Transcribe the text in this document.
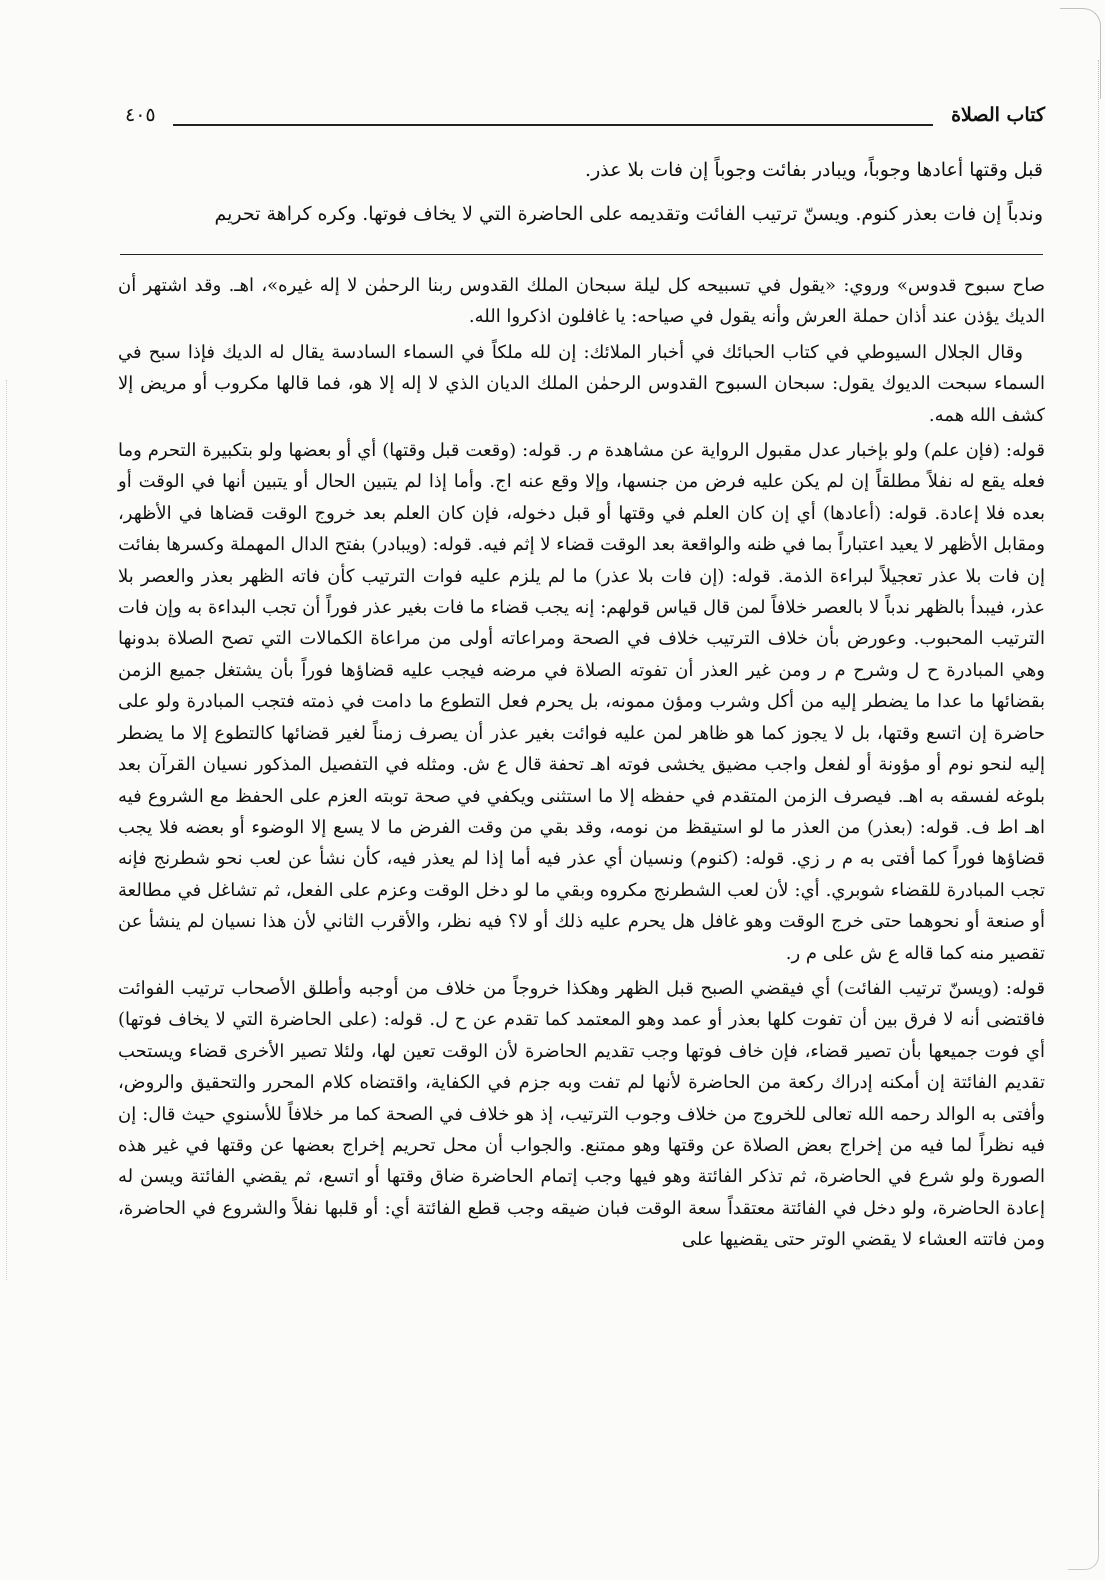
كتاب الصلاة
٤٠٥

قبل وقتها أعادها وجوباً، ويبادر بفائت وجوباً إن فات بلا عذر.

وندباً إن فات بعذر كنوم. ويسنّ ترتيب الفائت وتقديمه على الحاضرة التي لا يخاف فوتها. وكره كراهة تحريم

صاح سبوح قدوس» وروي: «يقول في تسبيحه كل ليلة سبحان الملك القدوس ربنا الرحمٰن لا إله غيره»، اهـ. وقد اشتهر أن الديك يؤذن عند أذان حملة العرش وأنه يقول في صياحه: يا غافلون اذكروا الله.

وقال الجلال السيوطي في كتاب الحبائك في أخبار الملائك: إن لله ملكاً في السماء السادسة يقال له الديك فإذا سبح في السماء سبحت الديوك يقول: سبحان السبوح القدوس الرحمٰن الملك الديان الذي لا إله إلا هو، فما قالها مكروب أو مريض إلا كشف الله همه.

قوله: (فإن علم) ولو بإخبار عدل مقبول الرواية عن مشاهدة م ر. قوله: (وقعت قبل وقتها) أي أو بعضها ولو بتكبيرة التحرم وما فعله يقع له نفلاً مطلقاً إن لم يكن عليه فرض من جنسها، وإلا وقع عنه اج. وأما إذا لم يتبين الحال أو يتبين أنها في الوقت أو بعده فلا إعادة. قوله: (أعادها) أي إن كان العلم في وقتها أو قبل دخوله، فإن كان العلم بعد خروج الوقت قضاها في الأظهر، ومقابل الأظهر لا يعيد اعتباراً بما في ظنه والواقعة بعد الوقت قضاء لا إثم فيه. قوله: (ويبادر) بفتح الدال المهملة وكسرها بفائت إن فات بلا عذر تعجيلاً لبراءة الذمة. قوله: (إن فات بلا عذر) ما لم يلزم عليه فوات الترتيب كأن فاته الظهر بعذر والعصر بلا عذر، فيبدأ بالظهر ندباً لا بالعصر خلافاً لمن قال قياس قولهم: إنه يجب قضاء ما فات بغير عذر فوراً أن تجب البداءة به وإن فات الترتيب المحبوب. وعورض بأن خلاف الترتيب خلاف في الصحة ومراعاته أولى من مراعاة الكمالات التي تصح الصلاة بدونها وهي المبادرة ح ل وشرح م ر ومن غير العذر أن تفوته الصلاة في مرضه فيجب عليه قضاؤها فوراً بأن يشتغل جميع الزمن بقضائها ما عدا ما يضطر إليه من أكل وشرب ومؤن ممونه، بل يحرم فعل التطوع ما دامت في ذمته فتجب المبادرة ولو على حاضرة إن اتسع وقتها، بل لا يجوز كما هو ظاهر لمن عليه فوائت بغير عذر أن يصرف زمناً لغير قضائها كالتطوع إلا ما يضطر إليه لنحو نوم أو مؤونة أو لفعل واجب مضيق يخشى فوته اهـ تحفة قال ع ش. ومثله في التفصيل المذكور نسيان القرآن بعد بلوغه لفسقه به اهـ. فيصرف الزمن المتقدم في حفظه إلا ما استثنى ويكفي في صحة توبته العزم على الحفظ مع الشروع فيه اهـ اط ف. قوله: (بعذر) من العذر ما لو استيقظ من نومه، وقد بقي من وقت الفرض ما لا يسع إلا الوضوء أو بعضه فلا يجب قضاؤها فوراً كما أفتى به م ر زي. قوله: (كنوم) ونسيان أي عذر فيه أما إذا لم يعذر فيه، كأن نشأ عن لعب نحو شطرنج فإنه تجب المبادرة للقضاء شوبري. أي: لأن لعب الشطرنج مكروه وبقي ما لو دخل الوقت وعزم على الفعل، ثم تشاغل في مطالعة أو صنعة أو نحوهما حتى خرج الوقت وهو غافل هل يحرم عليه ذلك أو لا؟ فيه نظر، والأقرب الثاني لأن هذا نسيان لم ينشأ عن تقصير منه كما قاله ع ش على م ر.

قوله: (ويسنّ ترتيب الفائت) أي فيقضي الصبح قبل الظهر وهكذا خروجاً من خلاف من أوجبه وأطلق الأصحاب ترتيب الفوائت فاقتضى أنه لا فرق بين أن تفوت كلها بعذر أو عمد وهو المعتمد كما تقدم عن ح ل. قوله: (على الحاضرة التي لا يخاف فوتها) أي فوت جميعها بأن تصير قضاء، فإن خاف فوتها وجب تقديم الحاضرة لأن الوقت تعين لها، ولئلا تصير الأخرى قضاء ويستحب تقديم الفائتة إن أمكنه إدراك ركعة من الحاضرة لأنها لم تفت وبه جزم في الكفاية، واقتضاه كلام المحرر والتحقيق والروض، وأفتى به الوالد رحمه الله تعالى للخروج من خلاف وجوب الترتيب، إذ هو خلاف في الصحة كما مر خلافاً للأسنوي حيث قال: إن فيه نظراً لما فيه من إخراج بعض الصلاة عن وقتها وهو ممتنع. والجواب أن محل تحريم إخراج بعضها عن وقتها في غير هذه الصورة ولو شرع في الحاضرة، ثم تذكر الفائتة وهو فيها وجب إتمام الحاضرة ضاق وقتها أو اتسع، ثم يقضي الفائتة ويسن له إعادة الحاضرة، ولو دخل في الفائتة معتقداً سعة الوقت فبان ضيقه وجب قطع الفائتة أي: أو قلبها نفلاً والشروع في الحاضرة، ومن فاتته العشاء لا يقضي الوتر حتى يقضيها على
